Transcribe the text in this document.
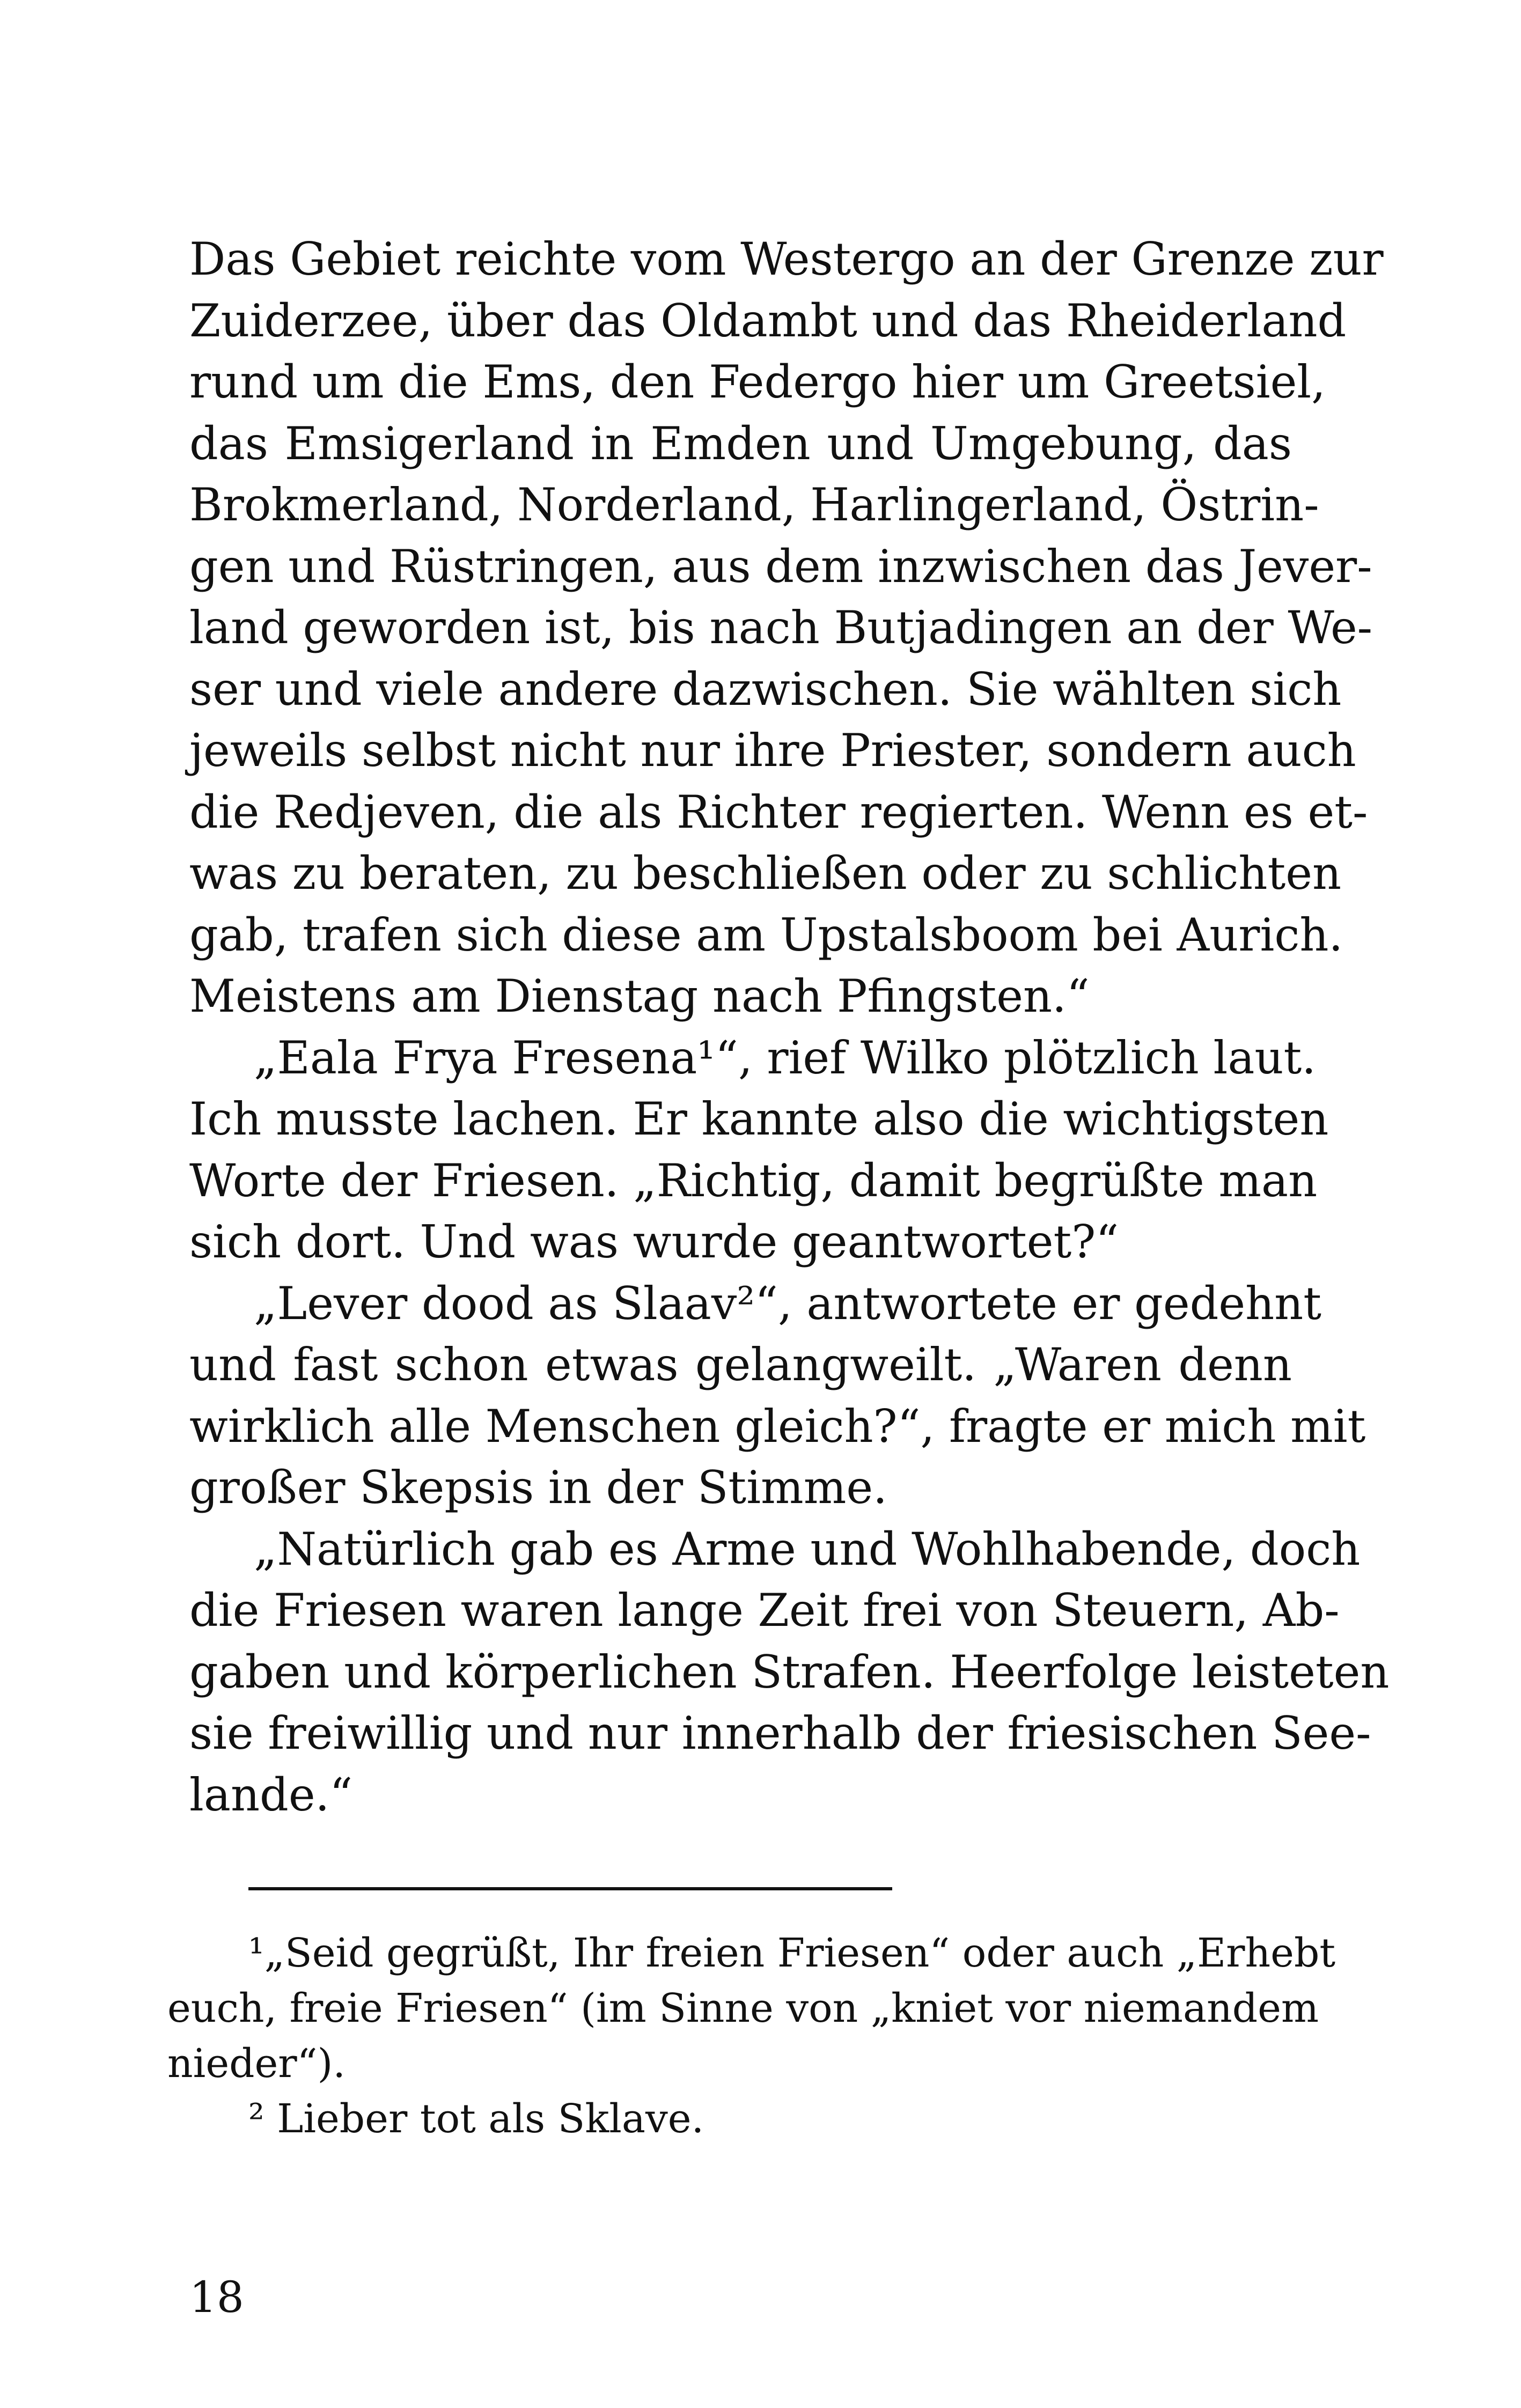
Das Gebiet reichte vom Westergo an der Grenze zur
Zuiderzee, über das Oldambt und das Rheiderland
rund um die Ems, den Federgo hier um Greetsiel,
das Emsigerland in Emden und Umgebung, das
Brokmerland, Norderland, Harlingerland, Östrin-
gen und Rüstringen, aus dem inzwischen das Jever-
land geworden ist, bis nach Butjadingen an der We-
ser und viele andere dazwischen. Sie wählten sich
jeweils selbst nicht nur ihre Priester, sondern auch
die Redjeven, die als Richter regierten. Wenn es et-
was zu beraten, zu beschließen oder zu schlichten
gab, trafen sich diese am Upstalsboom bei Aurich.
Meistens am Dienstag nach Pfingsten.“
„Eala Frya Fresena¹“, rief Wilko plötzlich laut.
Ich musste lachen. Er kannte also die wichtigsten
Worte der Friesen. „Richtig, damit begrüßte man
sich dort. Und was wurde geantwortet?“
„Lever dood as Slaav²“, antwortete er gedehnt
und fast schon etwas gelangweilt. „Waren denn
wirklich alle Menschen gleich?“, fragte er mich mit
großer Skepsis in der Stimme.
„Natürlich gab es Arme und Wohlhabende, doch
die Friesen waren lange Zeit frei von Steuern, Ab-
gaben und körperlichen Strafen. Heerfolge leisteten
sie freiwillig und nur innerhalb der friesischen See-
lande.“
¹„Seid gegrüßt, Ihr freien Friesen“ oder auch „Erhebt
euch, freie Friesen“ (im Sinne von „kniet vor niemandem
nieder“).
² Lieber tot als Sklave.
18
